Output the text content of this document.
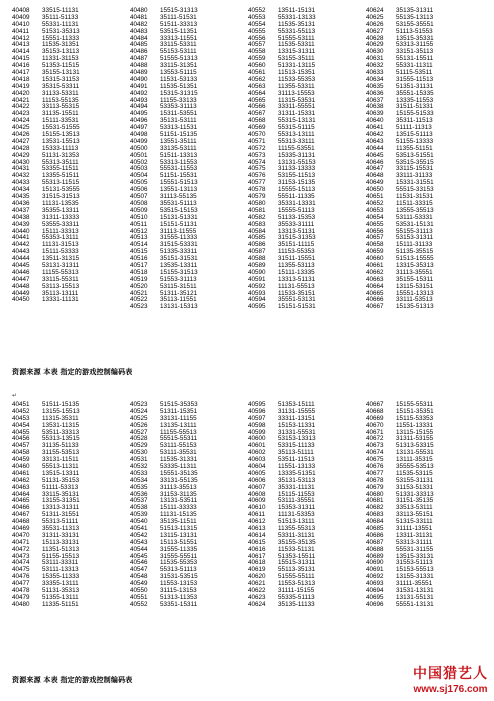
40408 33515-11131
40409 35111-51133
40410 55331-11131
40411 51531-35313
40412 15551-11333
40413 11535-31351
40414 35153-13113
40415 11331-31153
40416 51353-11515
40417 35155-13131
40418 15315-31153
40419 35315-53311
40420 31133-53311
40421 11153-55135
40422 33113-55315
40423 31135-15511
40424 15111-33531
40425 15531-51555
40426 15155-13513
40427 13531-15513
40428 15333-11113
40429 51131-31353
40430 55313-35111
40431 53355-11511
40432 13355-51511
40433 55313-11515
40434 15131-53555
40435 31515-31513
40436 11131-13535
40437 35355-13311
40438 31311-13333
40439 53555-33311
40440 15111-33313
40441 55353-13111
40442 11131-31513
40443 15111-53333
40444 13511-31315
40445 53131-31311
40446 11155-55313
40447 33115-55311
40448 53113-15513
40449 35113-13111
40450 13331-11131
40480 15515-31313
40481 35111-51531
40482 51511-33313
40483 53515-11351
40484 33313-11551
40485 33115-53311
40486 55153-53111
40487 51555-51313
40488 33115-31351
40489 13553-51115
40490 11531-53133
40491 11535-51351
40492 15315-31315
40493 11155-33133
40494 53353-31113
40495 15311-53551
40496 35131-53111
40497 53313-11531
40498 51151-15135
40499 13551-35111
40500 33135-53111
40501 51511-13313
40502 53313-11553
40503 55531-11553
40504 51151-15531
40505 15551-51513
40506 13551-13113
40507 31113-55135
40508 35531-51113
40509 53515-15153
40510 15131-51331
40511 15151-51131
40512 31113-11555
40513 31555-11333
40514 31515-53331
40515 51335-33311
40516 35151-31531
40517 13535-13311
40518 15155-31513
40519 51553-31113
40520 53115-31511
40521 51311-35121
40522 35113-11551
40523 13131-15313
40552 13511-15131
40553 55331-13133
40554 11535-35131
40555 55331-55113
40556 51555-53111
40557 11535-53311
40558 13315-31311
40559 53155-35111
40560 51331-13115
40561 11513-15351
40562 11533-55353
40563 11355-53311
40564 31113-15553
40565 11315-53531
40566 33311-55551
40567 31311-15331
40568 55315-13131
40569 55315-51115
40570 55313-13111
40571 55313-33111
40572 11155-53551
40573 15335-31131
40574 13131-55153
40575 31133-13333
40576 53155-11513
40577 31153-15135
40578 15555-15113
40579 55511-11335
40580 35331-13331
40581 15555-51113
40582 51133-15353
40583 35533-31111
40584 13313-51131
40585 31515-31353
40586 35151-11115
40587 11153-55353
40588 31511-15551
40589 11355-53113
40590 15111-13335
40591 13313-51131
40592 11131-55513
40593 11533-35151
40594 35551-53131
40595 15151-51531
40624 35135-31311
40625 55135-13113
40626 53155-35551
40627 51113-51553
40628 13515-35331
40629 53313-31155
40630 33151-35113
40631 55131-15511
40632 55331-11311
40633 51115-53511
40634 31555-11513
40635 51351-31131
40636 35551-15335
40637 13335-11553
40638 31511-51331
40639 15155-51533
40640 35311-11513
40641 51111-11313
40642 13515-51113
40643 51155-13333
40644 11355-51151
40645 53513-51551
40646 53515-35515
40647 33115-15531
40648 33111-31133
40649 15331-31551
40650 55515-33153
40651 11531-31531
40652 11511-33315
40653 13555-35513
40654 53111-53331
40655 53531-15131
40656 55155-31113
40657 53153-31311
40658 15111-31133
40659 51135-35515
40660 51513-15555
40661 13315-35313
40662 31113-35551
40663 35155-15311
40664 13115-53151
40665 15551-13313
40666 33111-53513
40667 15135-51313
资源来源 本表 指定的游戏控制编码表
↵
40451 51511-15135
40452 13155-15513
40453 11315-35311
40454 13531-11315
40455 53511-33313
40456 55313-13515
40457 31135-51133
40458 31155-53513
40459 33131-11511
40460 55513-11311
40461 13515-13311
40462 51131-35153
40463 51111-53313
40464 33115-35131
40465 13155-31351
40466 13313-31311
40467 51311-31551
40468 55313-51111
40469 35531-11313
40470 31311-33131
40471 15113-33131
40472 11351-51313
40473 51155-15513
40474 53111-33311
40475 53111-13313
40476 15355-11333
40477 33355-13111
40478 51131-35313
40479 51355-13111
40480 11335-51151
40523 51515-35353
40524 51311-15351
40525 33131-11155
40526 13135-13111
40527 11155-55513
40528 55515-55311
40529 53111-55153
40530 53111-35531
40531 11535-31331
40532 53335-11311
40533 15551-35135
40534 33131-55135
40535 31113-35513
40536 31153-31135
40537 13131-53511
40538 15111-33333
40539 11131-15135
40540 35135-11511
40541 51513-11315
40542 13115-13131
40543 15113-51551
40544 31555-11335
40545 31555-55511
40546 11535-55353
40547 55313-51113
40548 31531-53515
40549 11553-13153
40550 31115-13153
40551 51313-11353
40552 53351-15311
40595 51353-15111
40596 31131-15555
40597 33311-13151
40598 15153-11331
40599 31331-55531
40600 53153-13313
40601 53315-11133
40602 35113-51111
40603 53511-11513
40604 11551-13133
40605 13335-51351
40606 35131-53113
40607 35331-11131
40608 15115-11553
40609 53111-35551
40610 15353-31311
40611 11131-53353
40612 51513-13111
40613 11355-55313
40614 53311-31131
40615 35155-35135
40616 11533-51131
40617 51353-15511
40618 15515-31311
40619 55113-35131
40620 51555-55111
40621 11553-51313
40622 31111-15155
40623 55335-51113
40624 35135-11133
40667 15155-55311
40668 15151-35351
40669 15115-53353
40670 11551-13331
40671 13115-15155
40672 31311-53155
40673 51313-53315
40674 13131-55531
40675 13111-35315
40676 35555-53513
40677 11535-53115
40678 53155-31131
40679 31153-51331
40680 51331-33313
40681 31151-35135
40682 33513-53111
40683 33113-55151
40684 51315-33111
40685 31111-13551
40686 13311-31131
40687 53313-31111
40688 55531-31155
40689 13515-33131
40690 31553-51113
40691 15153-55513
40692 13155-31331
40693 31111-35551
40694 31531-13131
40695 13131-55131
40696 55551-13131
资源来源 本表 指定的游戏控制编码表	中国猎艺人
www.sj176.com
